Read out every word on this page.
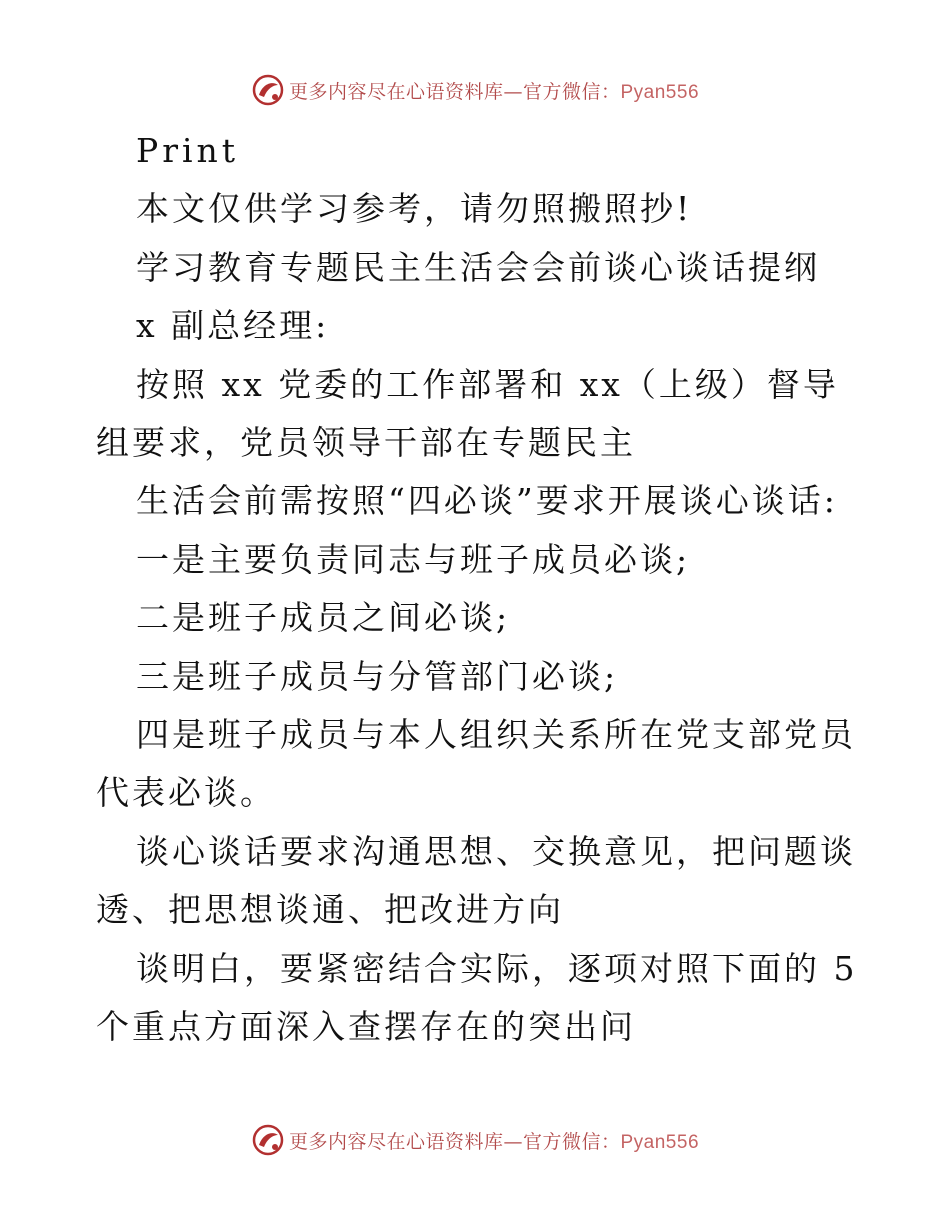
更多内容尽在心语资料库—官方微信：Pyan556

Print

本文仅供学习参考，请勿照搬照抄!

学习教育专题民主生活会会前谈心谈话提纲

x 副总经理:

按照 xx 党委的工作部署和 xx（上级）督导组要求，党员领导干部在专题民主

生活会前需按照“四必谈”要求开展谈心谈话:

一是主要负责同志与班子成员必谈;

二是班子成员之间必谈;

三是班子成员与分管部门必谈;

四是班子成员与本人组织关系所在党支部党员代表必谈。

谈心谈话要求沟通思想、交换意见，把问题谈透、把思想谈通、把改进方向

谈明白，要紧密结合实际，逐项对照下面的 5 个重点方面深入查摆存在的突出问

更多内容尽在心语资料库—官方微信：Pyan556
